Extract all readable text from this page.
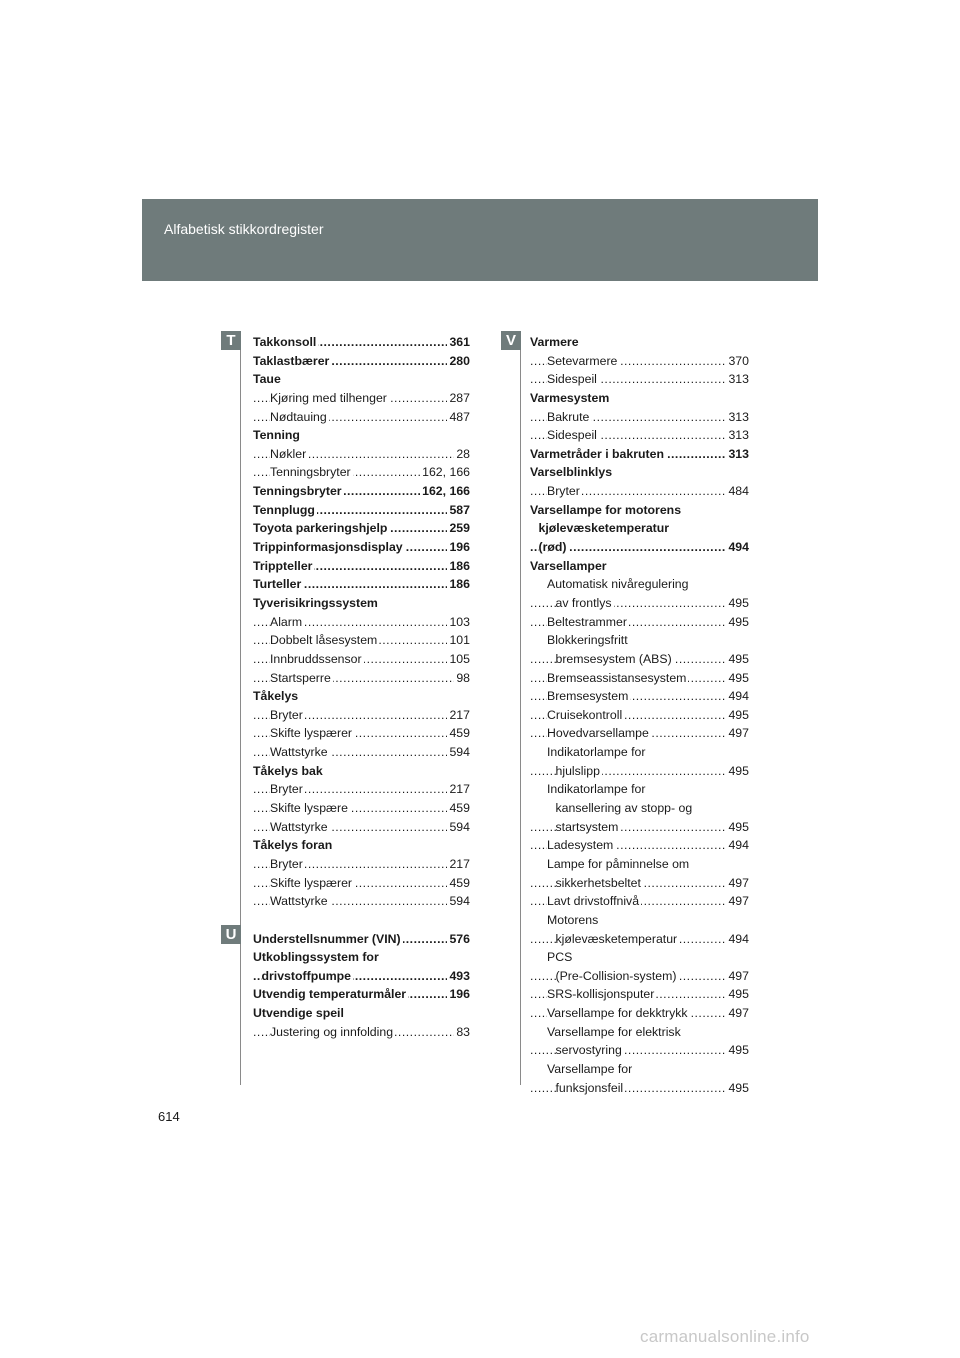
Alfabetisk stikkordregister
T
U
V
..... Takkonsoll	361
..... Taklastbærer	280
Taue
..... Kjøring med tilhenger	287
..... Nødtauing	487
Tenning
..... Nøkler	28
..... Tenningsbryter	162, 166
..... Tenningsbryter	162, 166
..... Tennplugg	587
..... Toyota parkeringshjelp	259
..... Trippinformasjonsdisplay	196
..... Trippteller	186
..... Turteller	186
Tyverisikringssystem
..... Alarm	103
..... Dobbelt låsesystem	101
..... Innbruddssensor	105
..... Startsperre	98
Tåkelys
..... Bryter	217
..... Skifte lyspærer	459
..... Wattstyrke	594
Tåkelys bak
..... Bryter	217
..... Skifte lyspære	459
..... Wattstyrke	594
Tåkelys foran
..... Bryter	217
..... Skifte lyspærer	459
..... Wattstyrke	594
..... Understellsnummer (VIN)	576
Utkoblingssystem for
..... drivstoffpumpe	493
..... Utvendig temperaturmåler	196
Utvendige speil
..... Justering og innfolding	83
Varmere
..... Setevarmere	370
..... Sidespeil	313
Varmesystem
..... Bakrute	313
..... Sidespeil	313
..... Varmetråder i bakruten	313
Varselblinklys
..... Bryter	484
Varsellampe for motorens
kjølevæsketemperatur
..... (rød)	494
Varsellamper
Automatisk nivåregulering
..... av frontlys	495
..... Beltestrammer	495
Blokkeringsfritt
..... bremsesystem (ABS)	495
..... Bremseassistansesystem	495
..... Bremsesystem	494
..... Cruisekontroll	495
..... Hovedvarsellampe	497
Indikatorlampe for
..... hjulslipp	495
Indikatorlampe for
kansellering av stopp- og
..... startsystem	495
..... Ladesystem	494
Lampe for påminnelse om
..... sikkerhetsbeltet	497
..... Lavt drivstoffnivå	497
Motorens
..... kjølevæsketemperatur	494
PCS
..... (Pre-Collision-system)	497
..... SRS-kollisjonsputer	495
..... Varsellampe for dekktrykk	497
Varsellampe for elektrisk
..... servostyring	495
Varsellampe for
..... funksjonsfeil	495
614
carmanualsonline.info
